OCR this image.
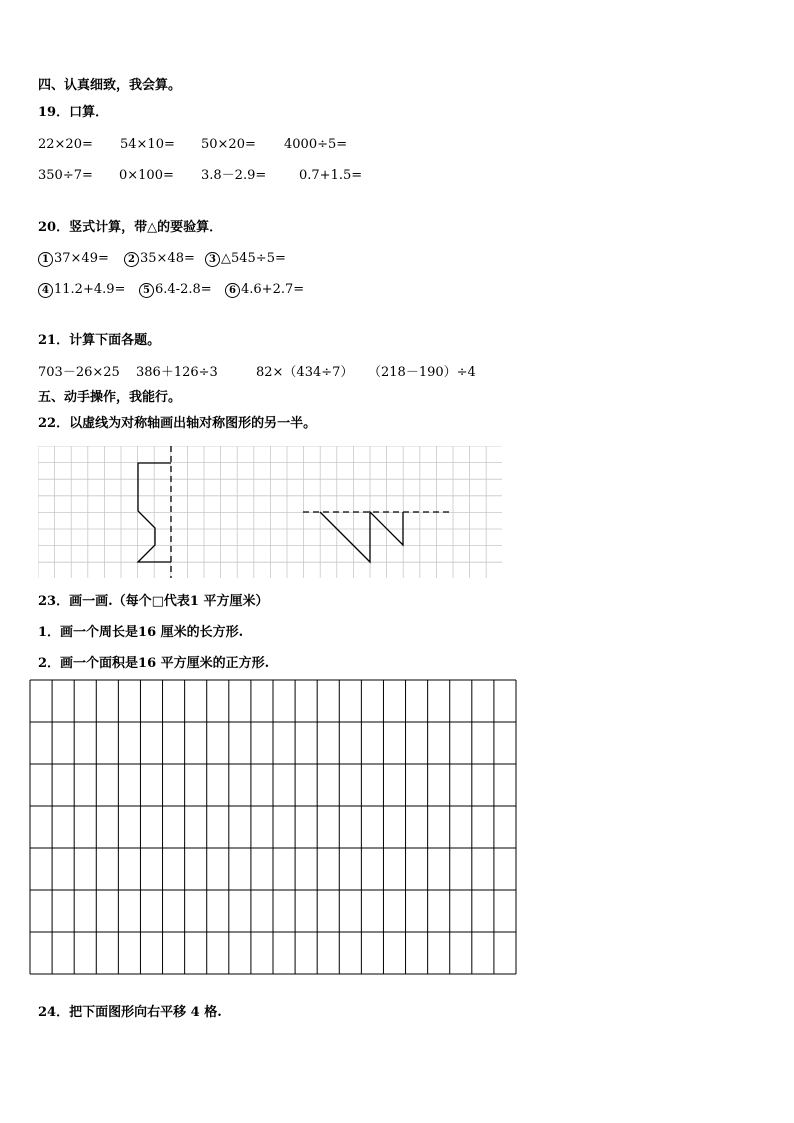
四、认真细致，我会算。
19．口算．
22×20=	54×10=	50×20=	4000÷5=
350÷7=	0×100=	3.8－2.9=	0.7+1.5=
20．竖式计算，带△的要验算．
1 37×49=	2 35×48=	3 △545÷5=
4 11.2+4.9=	5 6.4-2.8=	6 4.6+2.7=
21．计算下面各题。
703－26×25	386＋126÷3	82×（434÷7）	（218－190）÷4
五、动手操作，我能行。
22．以虚线为对称轴画出轴对称图形的另一半。
23．画一画.（每个□代表1 平方厘米）
1．画一个周长是16 厘米的长方形.
2．画一个面积是16 平方厘米的正方形.
24．把下面图形向右平移 4 格.
